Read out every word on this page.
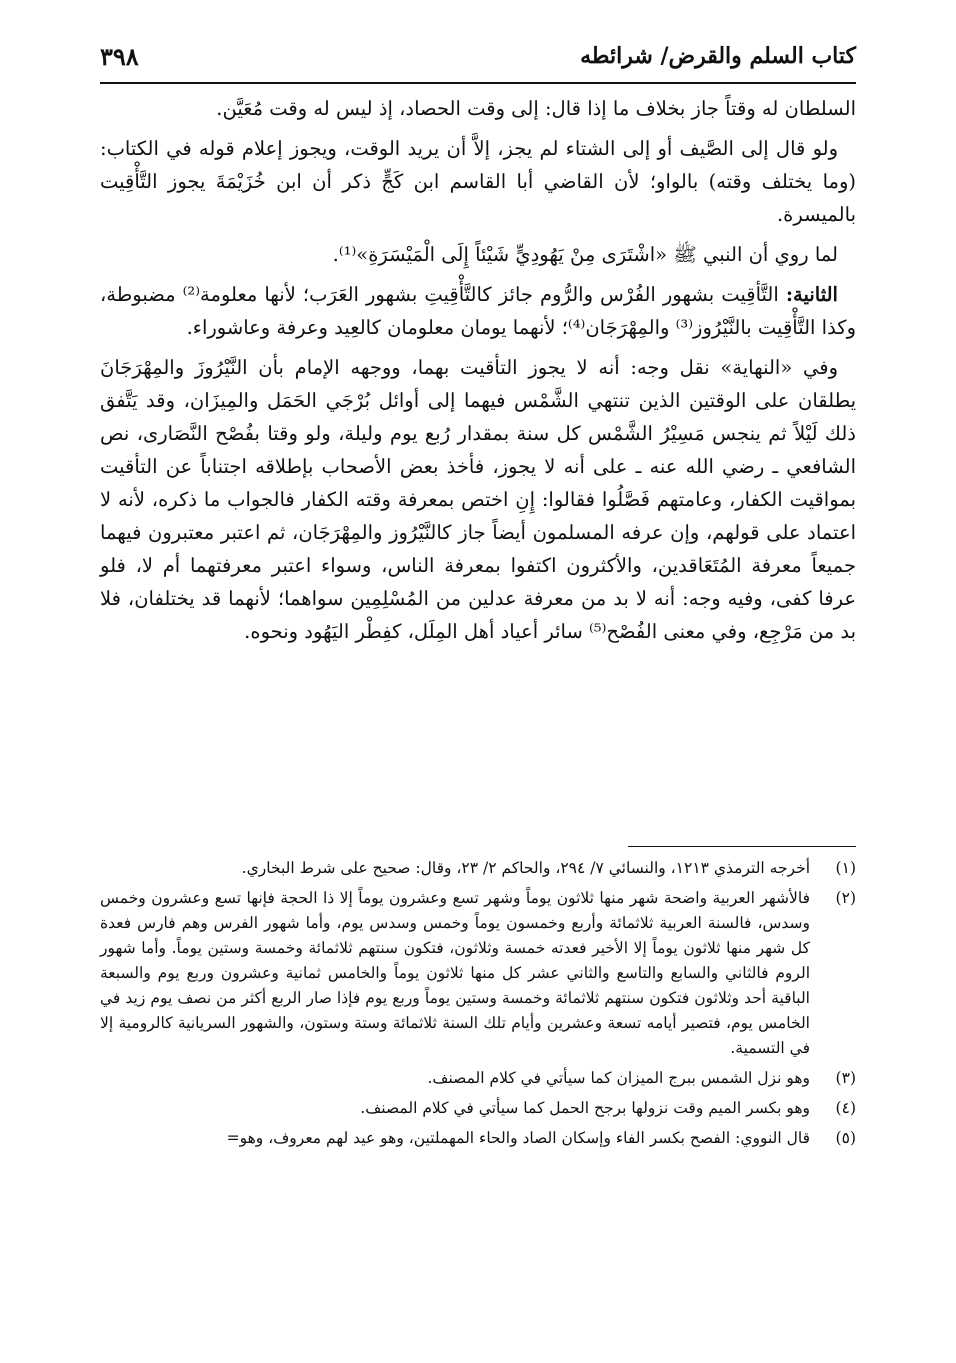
كتاب السلم والقرض/ شرائطه
٣٩٨

السلطان له وقتاً جاز بخلاف ما إذا قال: إلى وقت الحصاد، إذ ليس له وقت مُعَيَّن.

ولو قال إلى الصَّيف أو إلى الشتاء لم يجز، إلاَّ أن يريد الوقت، ويجوز إعلام قوله في الكتاب: (وما يختلف وقته) بالواو؛ لأن القاضي أبا القاسم ابن كَجٍّ ذكر أن ابن خُزَيْمَةَ يجوز التَّأْقِيت بالميسرة.

لما روي أن النبي ﷺ «اشْتَرَى مِنْ يَهُودِيٍّ شَيْئاً إِلَى الْمَيْسَرَةِ»⁽¹⁾.

الثانية: التَّأقِيت بشهور الفُرْس والرُّوم جائز كالتَّأْقِيتِ بشهور العَرَب؛ لأنها معلومة⁽²⁾ مضبوطة، وكذا التَّأْقِيت بالنَّيْرُوز⁽³⁾ والمِهْرَجَان⁽⁴⁾؛ لأنهما يومان معلومان كالعِيد وعرفة وعاشوراء.

وفي «النهاية» نقل وجه: أنه لا يجوز التأقيت بهما، ووجهه الإمام بأن النَّيْرُوزَ والمِهْرَجَانَ يطلقان على الوقتين الذين تنتهي الشَّمْس فيهما إلى أوائل بُرْجَي الحَمَل والمِيزَان، وقد يَتَّفق ذلك لَيْلاً ثم ينجس مَسِيْرُ الشَّمْس كل سنة بمقدار رُبع يوم وليلة، ولو وقتا بفُصْح النَّصَارى، نص الشافعي ـ رضي الله عنه ـ على أنه لا يجوز، فأخذ بعض الأصحاب بإطلاقه اجتناباً عن التأقيت بمواقيت الكفار، وعامتهم فَصَّلُوا فقالوا: إِنِ اختص بمعرفة وقته الكفار فالجواب ما ذكره، لأنه لا اعتماد على قولهم، وإن عرفه المسلمون أيضاً جاز كالنَّيْرُوز والمِهْرَجَان، ثم اعتبر معتبرون فيهما جميعاً معرفة المُتَعَاقدين، والأكثرون اكتفوا بمعرفة الناس، وسواء اعتبر معرفتهما أم لا، فلو عرفا كفى، وفيه وجه: أنه لا بد من معرفة عدلين من المُسْلِمِين سواهما؛ لأنهما قد يختلفان، فلا بد من مَرْجِع، وفي معنى الفُصْح⁽⁵⁾ سائر أعياد أهل المِلَل، كفِطْر اليَهُود ونحوه.

(١)
أخرجه الترمذي ١٢١٣، والنسائي ٧/ ٢٩٤، والحاكم ٢/ ٢٣، وقال: صحيح على شرط البخاري.
(٢)
فالأشهر العربية واضحة شهر منها ثلاثون يوماً وشهر تسع وعشرون يوماً إلا ذا الحجة فإنها تسع وعشرون وخمس وسدس، فالسنة العربية ثلاثمائة وأربع وخمسون يوماً وخمس وسدس يوم، وأما شهور الفرس وهم فارس فعدة كل شهر منها ثلاثون يوماً إلا الأخير فعدته خمسة وثلاثون، فتكون سنتهم ثلاثمائة وخمسة وستين يوماً. وأما شهور الروم فالثاني والسابع والتاسع والثاني عشر كل منها ثلاثون يوماً والخامس ثمانية وعشرون وربع يوم والسبعة الباقية أحد وثلاثون فتكون سنتهم ثلاثمائة وخمسة وستين يوماً وربع يوم فإذا صار الربع أكثر من نصف يوم زيد في الخامس يوم، فتصير أيامه تسعة وعشرين وأيام تلك السنة ثلاثمائة وستة وستون، والشهور السريانية كالرومية إلا في التسمية.
(٣)
وهو نزل الشمس ببرج الميزان كما سيأتي في كلام المصنف.
(٤)
وهو بكسر الميم وقت نزولها برجح الحمل كما سيأتي في كلام المصنف.
(٥)
قال النووي: الفصح بكسر الفاء وإسكان الصاد والحاء المهملتين، وهو عيد لهم معروف، وهو=
